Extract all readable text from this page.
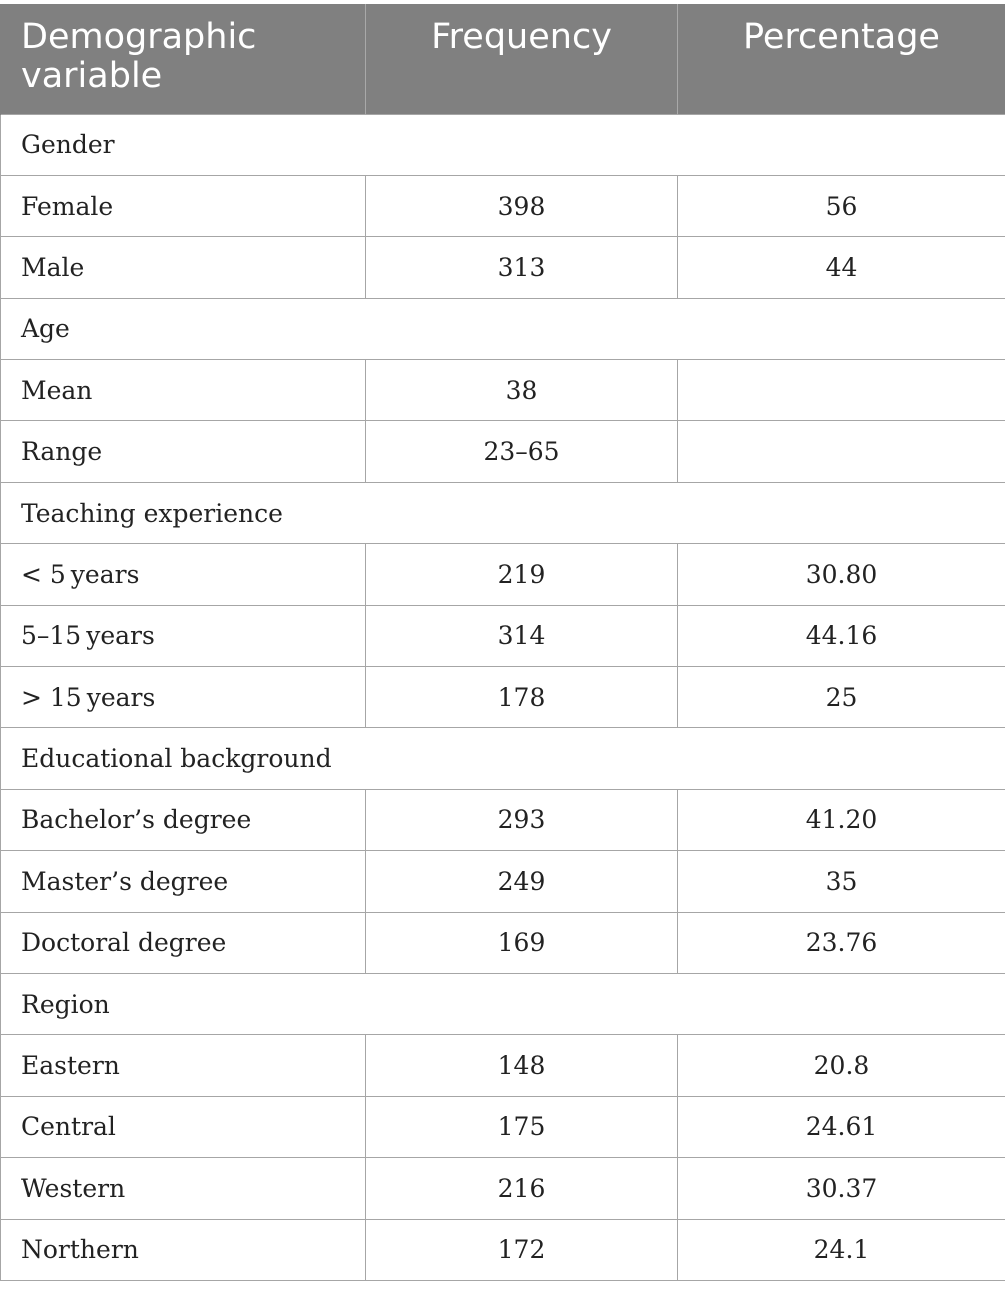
Demographic
variable	Frequency	Percentage
Gender		
Female	398	56
Male	313	44
Age		
Mean	38	
Range	23–65	
Teaching experience		
< 5 years	219	30.80
5–15 years	314	44.16
> 15 years	178	25
Educational background		
Bachelor’s degree	293	41.20
Master’s degree	249	35
Doctoral degree	169	23.76
Region		
Eastern	148	20.8
Central	175	24.61
Western	216	30.37
Northern	172	24.1
